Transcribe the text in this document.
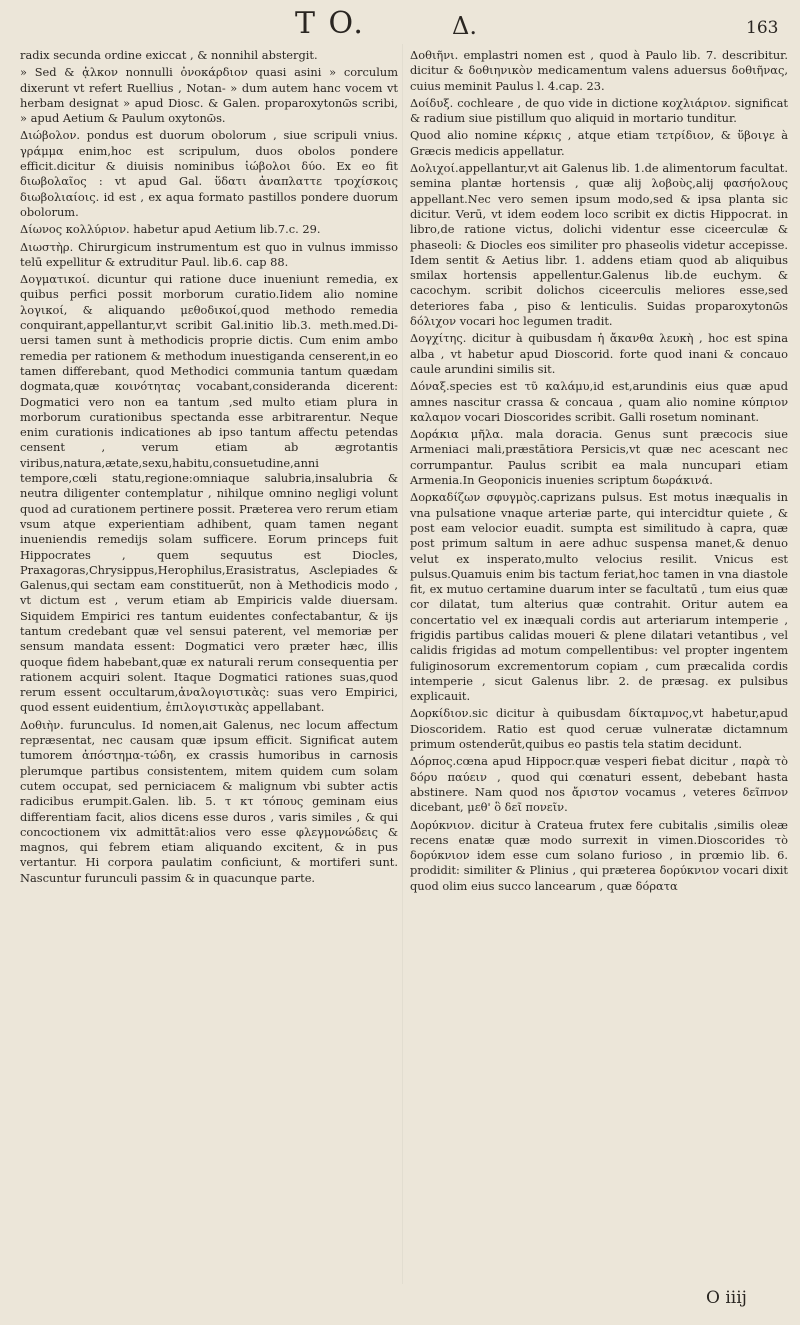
T O.	Δ.	163

radix secunda ordine exiccat , & nonnihil abstergit.

» Sed & ᾀλκον nonnulli ὀνοκάρδιον quasi asini » corculum dixerunt vt refert Ruellius , Notan- » dum autem hanc vocem vt herbam designat » apud Diosc. & Galen. proparoxytonῶs scribi, » apud Aetium & Paulum oxytonῶs.

Διώβολον. pondus est duorum obolorum , siue scripuli vnius. γράμμα enim,hoc est scripulum, duos obolos pondere efficit.dicitur & diuisis nominibus ἰώβολοι δύο. Ex eo fit διωβολαῖος : vt apud Gal. ὕδατι ἀναπλαττε τροχίσκοις διωβολιαίοις. id est , ex aqua formato pastillos pondere duorum obolorum.

Δίωνος κολλύριον. habetur apud Aetium lib.7.c. 29.

Διωστὴρ. Chirurgicum instrumentum est quo in vulnus immisso telū expellitur & extruditur Paul. lib.6. cap 88.

Δογματικοί. dicuntur qui ratione duce inueniunt remedia, ex quibus perfici possit morborum curatio.Iidem alio nomine λογικοί, & aliquando μεθοδικοί,quod methodo remedia conquirant,appellantur,vt scribit Gal.initio lib.3. meth.med.Di-uersi tamen sunt à methodicis proprie dictis. Cum enim ambo remedia per rationem & methodum inuestiganda censerent,in eo tamen differebant, quod Methodici communia tantum quædam dogmata,quæ κοινότητας vocabant,consideranda dicerent: Dogmatici vero non ea tantum ,sed multo etiam plura in morborum curationibus spectanda esse arbitrarentur. Neque enim curationis indicationes ab ipso tantum affectu petendas censent , verum etiam ab ægrotantis viribus,natura,ætate,sexu,habitu,consuetudine,anni tempore,cœli statu,regione:omniaque salubria,insalubria & neutra diligenter contemplatur , nihilque omnino negligi volunt quod ad curationem pertinere possit. Præterea vero rerum etiam vsum atque experientiam adhibent, quam tamen negant inueniendis remedijs solam sufficere. Eorum princeps fuit Hippocrates , quem sequutus est Diocles, Praxagoras,Chrysippus,Herophilus,Erasistratus, Asclepiades & Galenus,qui sectam eam constituerūt, non à Methodicis modo , vt dictum est , verum etiam ab Empiricis valde diuersam. Siquidem Empirici res tantum euidentes confectabantur, & ijs tantum credebant quæ vel sensui paterent, vel memoriæ per sensum mandata essent: Dogmatici vero præter hæc, illis quoque fidem habebant,quæ ex naturali rerum consequentia per rationem acquiri solent. Itaque Dogmatici rationes suas,quod rerum essent occultarum,ἀναλογιστικὰς: suas vero Empirici, quod essent euidentium, ἐπιλογιστικὰς appellabant.

Δοθιὴν. furunculus. Id nomen,ait Galenus, nec locum affectum repræsentat, nec causam quæ ipsum efficit. Significat autem tumorem ἀπόστημα-τώδη, ex crassis humoribus in carnosis plerumque partibus consistentem, mitem quidem cum solam cutem occupat, sed perniciacem & malignum vbi subter actis radicibus erumpit.Galen. lib. 5. τ κτ τόπους geminam eius differentiam facit, alios dicens esse duros , varis similes , & qui concoctionem vix admittāt:alios vero esse φλεγμονώδεις & magnos, qui febrem etiam aliquando excitent, & in pus vertantur. Hi corpora paulatim conficiunt, & mortiferi sunt. Nascuntur furunculi passim & in quacunque parte.

Δοθιῆνι. emplastri nomen est , quod à Paulo lib. 7. describitur. dicitur & δοθιηνικὸν medicamentum valens aduersus δοθιῆνας, cuius meminit Paulus l. 4.cap. 23.

Δοίδυξ. cochleare , de quo vide in dictione κοχλιάριον. significat & radium siue pistillum quo aliquid in mortario tunditur.

Quod alio nomine κέρκις , atque etiam τετρίδιον, & ὕβοιγε à Græcis medicis appellatur.

Δολιχοί.appellantur,vt ait Galenus lib. 1.de alimentorum facultat. semina plantæ hortensis , quæ alij λοβοὺς,alij φασήολους appellant.Nec vero semen ipsum modo,sed & ipsa planta sic dicitur. Verū, vt idem eodem loco scribit ex dictis Hippocrat. in libro,de ratione victus, dolichi videntur esse ciceerculæ & phaseoli: & Diocles eos similiter pro phaseolis videtur accepisse. Idem sentit & Aetius libr. 1. addens etiam quod ab aliquibus smilax hortensis appellentur.Galenus lib.de euchym. & cacochym. scribit dolichos ciceerculis meliores esse,sed deteriores faba , piso & lenticulis. Suidas proparoxytonῶs δόλιχον vocari hoc legumen tradit.

Δογχίτης. dicitur à quibusdam ἡ ἄκανθα λευκὴ , hoc est spina alba , vt habetur apud Dioscorid. forte quod inani & concauo caule arundini similis sit.

Δόναξ.species est τῦ καλάμυ,id est,arundinis eius quæ apud amnes nascitur crassa & concaua , quam alio nomine κύπριον καλαμον vocari Dioscorides scribit. Galli rosetum nominant.

Δοράκια μῆλα. mala doracia. Genus sunt præcocis siue Armeniaci mali,præstātiora Persicis,vt quæ nec acescant nec corrumpantur. Paulus scribit ea mala nuncupari etiam Armenia.In Geoponicis inuenies scriptum δωράκινά.

Δορκαδίζων σφυγμὸς.caprizans pulsus. Est motus inæqualis in vna pulsatione vnaque arteriæ parte, qui intercidtur quiete , & post eam velocior euadit. sumpta est similitudo à capra, quæ post primum saltum in aere adhuc suspensa manet,& denuo velut ex insperato,multo velocius resilit. Vnicus est pulsus.Quamuis enim bis tactum feriat,hoc tamen in vna diastole fit, ex mutuo certamine duarum inter se facultatū , tum eius quæ cor dilatat, tum alterius quæ contrahit. Oritur autem ea concertatio vel ex inæquali cordis aut arteriarum intemperie , frigidis partibus calidas moueri & plene dilatari vetantibus , vel calidis frigidas ad motum compellentibus: vel propter ingentem fuliginosorum excrementorum copiam , cum præcalida cordis intemperie , sicut Galenus libr. 2. de præsag. ex pulsibus explicauit.

Δορκίδιον.sic dicitur à quibusdam δίκταμνος,vt habetur,apud Dioscoridem. Ratio est quod ceruæ vulneratæ dictamnum primum ostenderūt,quibus eo pastis tela statim decidunt.

Δόρπος.cœna apud Hippocr.quæ vesperi fiebat dicitur , παρὰ τὸ δόρυ παύειν , quod qui cœnaturi essent, debebant hasta abstinere. Nam quod nos ἄριστον vocamus , veteres δεῖπνον dicebant, μεθ' ὃ δεῖ πονεῖν.

Δορύκνιον. dicitur à Crateua frutex fere cubitalis ,similis oleæ recens enatæ quæ modo surrexit in vimen.Dioscorides τὸ δορύκνιον idem esse cum solano furioso , in prœmio lib. 6. prodidit: similiter & Plinius , qui præterea δορύκνιον vocari dixit quod olim eius succo lancearum , quæ δόρατα

O iiij
